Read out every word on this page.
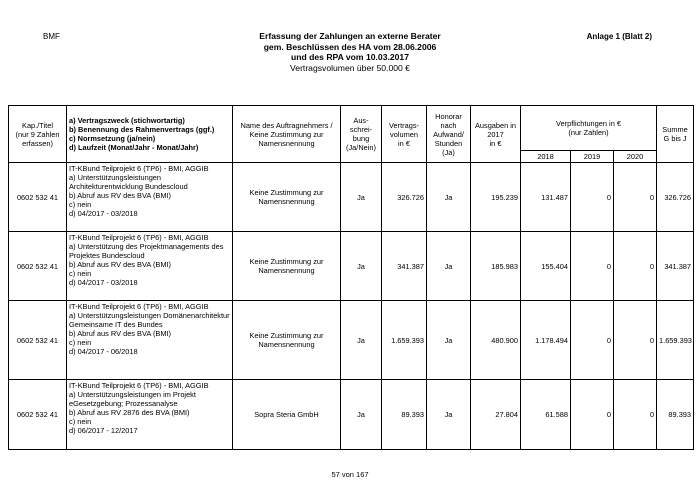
BMF	Anlage 1 (Blatt 2)
Erfassung der Zahlungen an externe Berater
gem. Beschlüssen des HA vom 28.06.2006
und des RPA vom 10.03.2017
Vertragsvolumen über 50.000 €
Kap./Titel
(nur 9 Zahlen erfassen)	a) Vertragszweck (stichwortartig)
b) Benennung des Rahmenvertrags (ggf.)
c) Normsetzung (ja/nein)
d) Laufzeit (Monat/Jahr - Monat/Jahr)	Name des Auftragnehmers / Keine Zustimmung zur Namensnennung	Aus-
schrei-
bung
(Ja/Nein)	Vertrags-
volumen
in €	Honorar
nach
Aufwand/
Stunden
(Ja)	Ausgaben in
2017
in €	Verpflichtungen in €
(nur Zahlen)			Summe
G bis J
							2018	2019	2020	
0602 532 41	IT-KBund Teilprojekt 6 (TP6) - BMI, AGGIB
a) Unterstützungsleistungen Architekturentwicklung Bundescloud
b) Abruf aus RV des BVA (BMI)
c) nein
d) 04/2017 - 03/2018	Keine Zustimmung zur Namensnennung	Ja	326.726	Ja	195.239	131.487	0	0	326.726
0602 532 41	IT-KBund Teilprojekt 6 (TP6) - BMI, AGGIB
a) Unterstützung des Projektmanagements des Projektes Bundescloud
b) Abruf aus RV des BVA (BMI)
c) nein
d) 04/2017 - 03/2018	Keine Zustimmung zur Namensnennung	Ja	341.387	Ja	185.983	155.404	0	0	341.387
0602 532 41	IT-KBund Teilprojekt 6 (TP6) - BMI, AGGIB
a) Unterstützungsleistungen Domänenarchitektur Gemeinsame IT des Bundes
b) Abruf aus RV des BVA (BMI)
c) nein
d) 04/2017 - 06/2018	Keine Zustimmung zur Namensnennung	Ja	1.659.393	Ja	480.900	1.178.494	0	0	1.659.393
0602 532 41	IT-KBund Teilprojekt 6 (TP6) - BMI, AGGIB
a) Unterstützungsleistungen im Projekt eGesetzgebung; Prozessanalyse
b) Abruf aus RV 2876 des BVA (BMI)
c) nein
d) 06/2017 - 12/2017	Sopra Steria GmbH	Ja	89.393	Ja	27.804	61.588	0	0	89.393
57 von 167
